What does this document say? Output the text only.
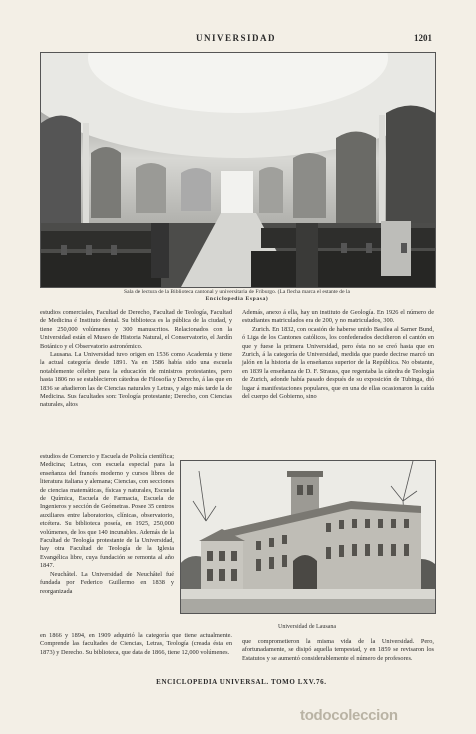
UNIVERSIDAD	1201
Sala de lectura de la Biblioteca cantonal y universitaria de Friburgo. (La flecha marca el estante de la
Enciclopedia Espasa)

estudios comerciales, Facultad de Derecho, Facultad de Teología, Facultad de Medicina é Instituto dental. Su biblioteca es la pública de la ciudad, y tiene 250,000 volúmenes y 300 manuscritos. Relacionados con la Universidad están el Museo de Historia Natural, el Conservatorio, el Jardín Botánico y el Observatorio astronómico.

Lausana. La Universidad tuvo origen en 1536 como Academia y tiene la actual categoría desde 1891. Ya en 1586 había sido una escuela notablemente célebre para la educación de ministros protestantes, pero hasta 1806 no se establecieron cátedras de Filosofía y Derecho, á las que en 1836 se añadieron las de Ciencias naturales y Letras, y algo más tarde la de Medicina. Sus facultades son: Teología protestante; Derecho, con Ciencias naturales, altos

estudios de Comercio y Escuela de Policía científica; Medicina; Letras, con escuela especial para la enseñanza del francés moderno y cursos libres de literatura italiana y alemana; Ciencias, con secciones de ciencias matemáticas, físicas y naturales, Escuela de Química, Escuela de Farmacia, Escuela de Ingenieros y sección de Geómetras. Posee 35 centros auxiliares entre laboratorios, clínicas, observatorio, etcétera. Su biblioteca poseía, en 1925, 250,000 volúmenes, de los que 140 incunables. Además de la Facultad de Teología protestante de la Universidad, hay otra Facultad de Teología de la Iglesia Evangélica libre, cuya fundación se remonta al año 1847.
Neuchâtel. La Universidad de Neuchâtel fué fundada por Federico Guillermo en 1838 y reorganizada

en 1866 y 1894, en 1909 adquirió la categoría que tiene actualmente. Comprende las facultades de Ciencias, Letras, Teología (creada ésta en 1873) y Derecho. Su biblioteca, que data de 1866, tiene 12,000 volúmenes.

Además, anexo á ella, hay un instituto de Geología. En 1926 el número de estudiantes matriculados era de 200, y no matriculados, 300.

Zurich. En 1832, con ocasión de haberse unido Basilea al Sarner Bund, ó Liga de los Cantones católicos, los confederados decidieron el cantón en que y fuese la primera Universidad, pero ésta no se creó hasta que en Zurich, á la categoría de Universidad, medida que puede decirse marcó un jalón en la historia de la enseñanza superior de la República. No obstante, en 1839 la enseñanza de D. F. Strauss, que regentaba la cátedra de Teología de Zurich, adonde había pasado después de su exposición de Tubinga, dió lugar á manifestaciones populares, que en una de ellas ocasionaron la caída del cuerpo del Gobierno, sino

Universidad de Lausana

que comprometieron la misma vida de la Universidad. Pero, afortunadamente, se disipó aquella tempestad, y en 1859 se revisaron los Estatutos y se aumentó considerablemente el número de profesores.

ENCICLOPEDIA UNIVERSAL. TOMO LXV. 76.
todocoleccion
